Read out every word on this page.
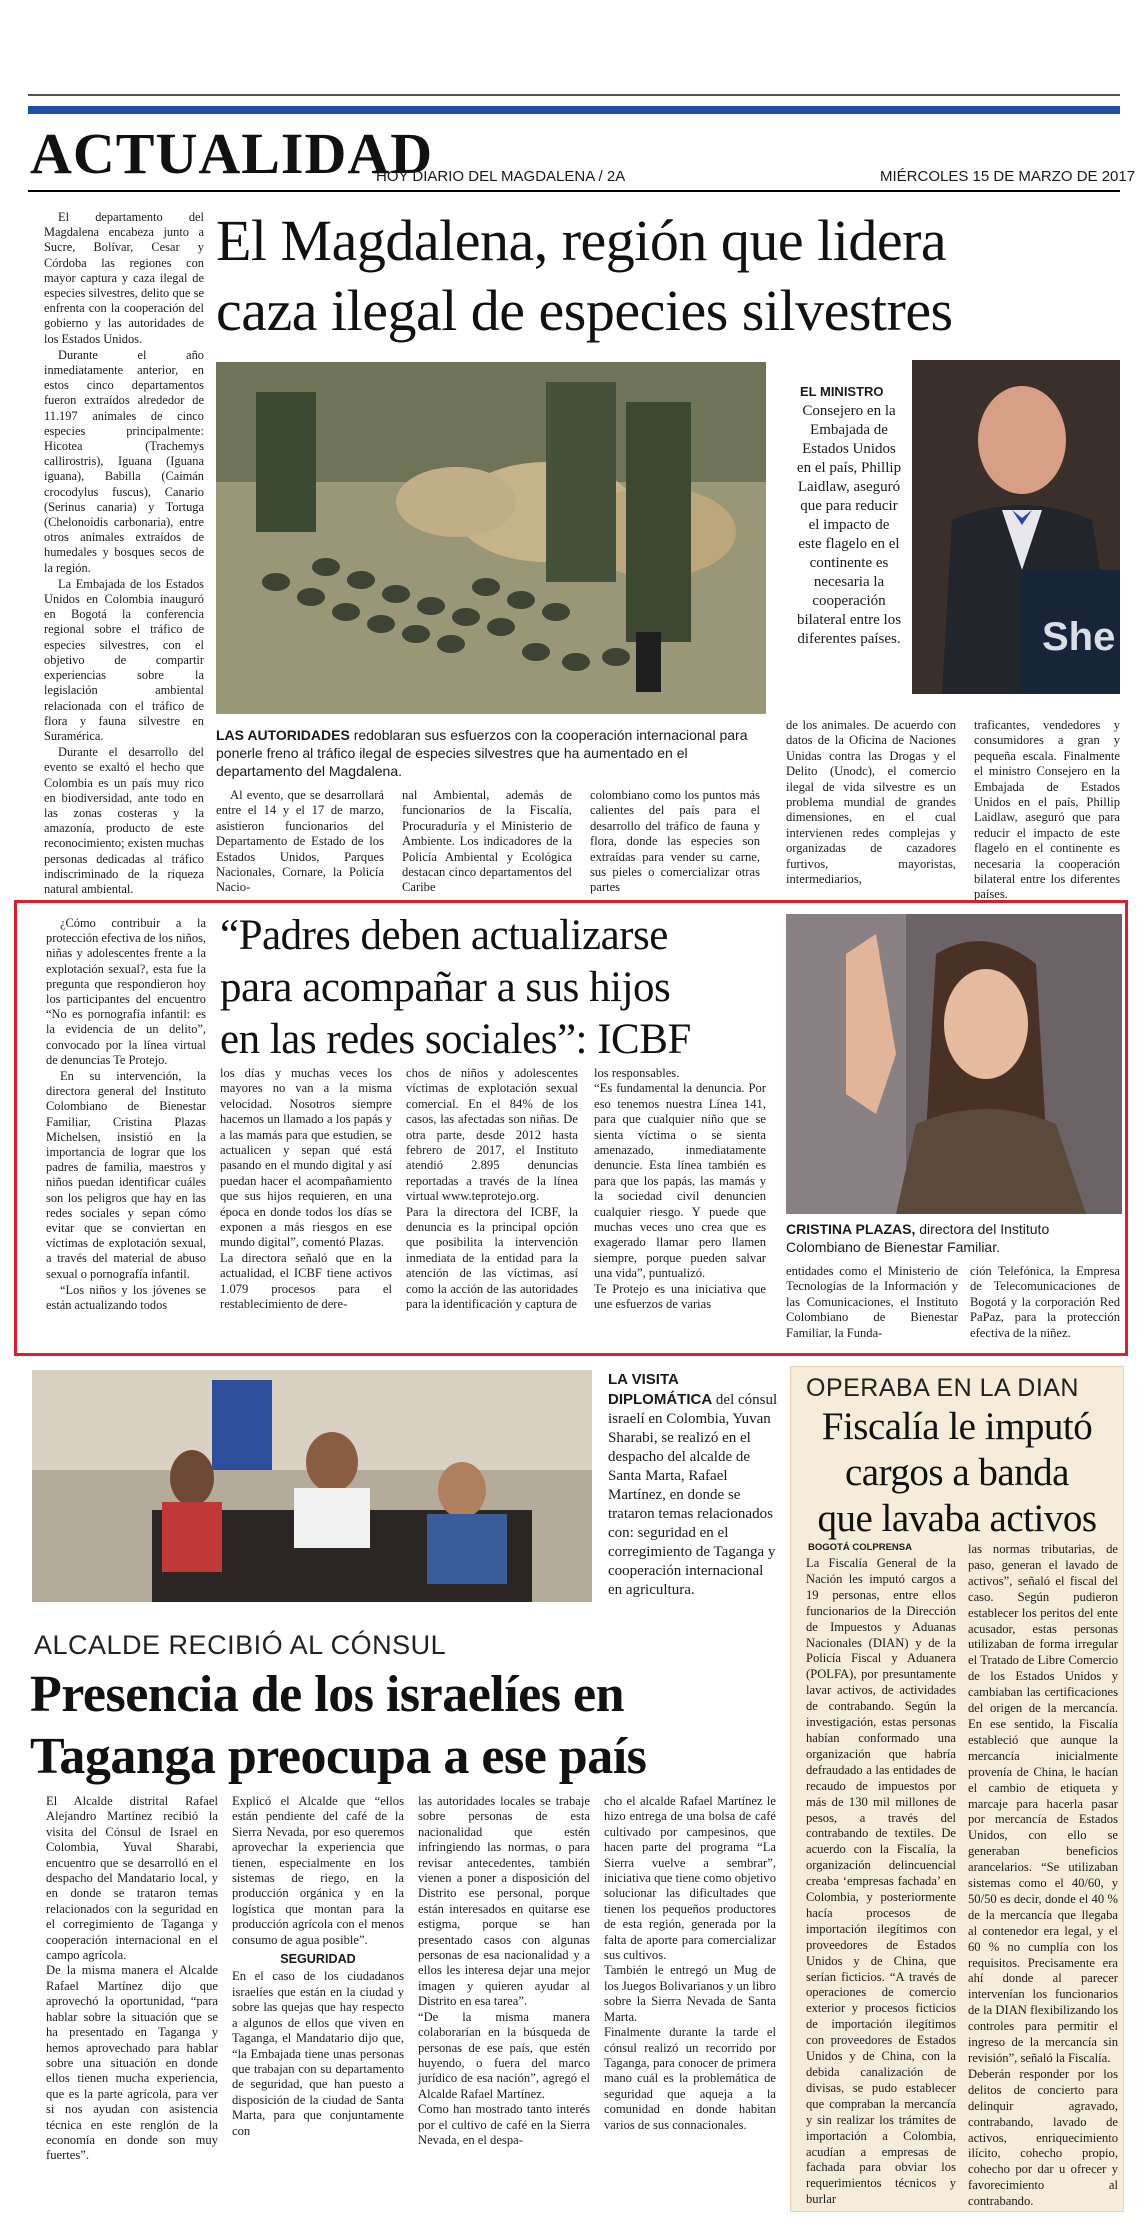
ACTUALIDAD
HOY DIARIO DEL MAGDALENA / 2A	MIÉRCOLES 15 DE MARZO DE 2017

El departamento del Magdalena encabeza junto a Sucre, Bolívar, Cesar y Córdoba las regiones con mayor captura y caza ilegal de especies silvestres, delito que se enfrenta con la cooperación del gobierno y las autoridades de los Estados Unidos.

Durante el año inmediatamente anterior, en estos cinco departamentos fueron extraídos alrededor de 11.197 animales de cinco especies principalmente: Hicotea (Trachemys callirostris), Iguana (Iguana iguana), Babilla (Caimán crocodylus fuscus), Canario (Serinus canaria) y Tortuga (Chelonoidis carbonaria), entre otros animales extraídos de humedales y bosques secos de la región.

La Embajada de los Estados Unidos en Colombia inauguró en Bogotá la conferencia regional sobre el tráfico de especies silvestres, con el objetivo de compartir experiencias sobre la legislación ambiental relacionada con el tráfico de flora y fauna silvestre en Suramérica.

Durante el desarrollo del evento se exaltó el hecho que Colombia es un país muy rico en biodiversidad, ante todo en las zonas costeras y la amazonía, producto de este reconocimiento; existen muchas personas dedicadas al tráfico indiscriminado de la riqueza natural ambiental.

El Magdalena, región que lidera
caza ilegal de especies silvestres
EL MINISTRO
Consejero en la Embajada de Estados Unidos en el país, Phillip Laidlaw, aseguró que para reducir el impacto de este flagelo en el continente es necesaria la cooperación bilateral entre los diferentes países.	She
LAS AUTORIDADES redoblaran sus esfuerzos con la cooperación internacional para ponerle freno al tráfico ilegal de especies silvestres que ha aumentado en el departamento del Magdalena.
Al evento, que se desarrollará entre el 14 y el 17 de marzo, asistieron funcionarios del Departamento de Estado de los Estados Unidos, Parques Nacionales, Cornare, la Policía Nacio-
nal Ambiental, además de funcionarios de la Fiscalía, Procuraduría y el Ministerio de Ambiente. Los indicadores de la Policía Ambiental y Ecológica destacan cinco departamentos del Caribe
colombiano como los puntos más calientes del país para el desarrollo del tráfico de fauna y flora, donde las especies son extraídas para vender su carne, sus pieles o comercializar otras partes
de los animales. De acuerdo con datos de la Oficina de Naciones Unidas contra las Drogas y el Delito (Unodc), el comercio ilegal de vida silvestre es un problema mundial de grandes dimensiones, en el cual intervienen redes complejas y organizadas de cazadores furtivos, mayoristas, intermediarios,
traficantes, vendedores y consumidores a gran y pequeña escala. Finalmente el ministro Consejero en la Embajada de Estados Unidos en el país, Phillip Laidlaw, aseguró que para reducir el impacto de este flagelo en el continente es necesaria la cooperación bilateral entre los diferentes países.

¿Cómo contribuir a la protección efectiva de los niños, niñas y adolescentes frente a la explotación sexual?, esta fue la pregunta que respondieron hoy los participantes del encuentro “No es pornografía infantil: es la evidencia de un delito”, convocado por la línea virtual de denuncias Te Protejo.

En su intervención, la directora general del Instituto Colombiano de Bienestar Familiar, Cristina Plazas Michelsen, insistió en la importancia de lograr que los padres de familia, maestros y niños puedan identificar cuáles son los peligros que hay en las redes sociales y sepan cómo evitar que se conviertan en víctimas de explotación sexual, a través del material de abuso sexual o pornografía infantil.

“Los niños y los jóvenes se están actualizando todos

“Padres deben actualizarse
para acompañar a sus hijos
en las redes sociales”: ICBF
los días y muchas veces los mayores no van a la misma velocidad. Nosotros siempre hacemos un llamado a los papás y a las mamás para que estudien, se actualicen y sepan qué está pasando en el mundo digital y así puedan hacer el acompañamiento que sus hijos requieren, en una época en donde todos los días se exponen a más riesgos en ese mundo digital”, comentó Plazas.
La directora señaló que en la actualidad, el ICBF tiene activos 1.079 procesos para el restablecimiento de dere-
chos de niños y adolescentes víctimas de explotación sexual comercial. En el 84% de los casos, las afectadas son niñas. De otra parte, desde 2012 hasta febrero de 2017, el Instituto atendió 2.895 denuncias reportadas a través de la línea virtual www.teprotejo.org.
Para la directora del ICBF, la denuncia es la principal opción que posibilita la intervención inmediata de la entidad para la atención de las víctimas, así como la acción de las autoridades para la identificación y captura de
los responsables.
“Es fundamental la denuncia. Por eso tenemos nuestra Línea 141, para que cualquier niño que se sienta víctima o se sienta amenazado, inmediatamente denuncie. Esta línea también es para que los papás, las mamás y la sociedad civil denuncien cualquier riesgo. Y puede que muchas veces uno crea que es exagerado llamar pero llamen siempre, porque pueden salvar una vida”, puntualizó.
Te Protejo es una iniciativa que une esfuerzos de varias
CRISTINA PLAZAS, directora del Instituto Colombiano de Bienestar Familiar.
entidades como el Ministerio de Tecnologías de la Información y las Comunicaciones, el Instituto Colombiano de Bienestar Familiar, la Funda-
ción Telefónica, la Empresa de Telecomunicaciones de Bogotá y la corporación Red PaPaz, para la protección efectiva de la niñez.
LA VISITA DIPLOMÁTICA del cónsul israelí en Colombia, Yuvan Sharabi, se realizó en el despacho del alcalde de Santa Marta, Rafael Martínez, en donde se trataron temas relacionados con: seguridad en el corregimiento de Taganga y cooperación internacional en agricultura.
ALCALDE RECIBIÓ AL CÓNSUL
Presencia de los israelíes en
Taganga preocupa a ese país
El Alcalde distrital Rafael Alejandro Martínez recibió la visita del Cónsul de Israel en Colombia, Yuval Sharabi, encuentro que se desarrolló en el despacho del Mandatario local, y en donde se trataron temas relacionados con la seguridad en el corregimiento de Taganga y cooperación internacional en el campo agrícola.
De la misma manera el Alcalde Rafael Martínez dijo que aprovechó la oportunidad, “para hablar sobre la situación que se ha presentado en Taganga y hemos aprovechado para hablar sobre una situación en donde ellos tienen mucha experiencia, que es la parte agrícola, para ver si nos ayudan con asistencia técnica en este renglón de la economía en donde son muy fuertes”.
Explicó el Alcalde que “ellos están pendiente del café de la Sierra Nevada, por eso queremos aprovechar la experiencia que tienen, especialmente en los sistemas de riego, en la producción orgánica y en la logística que montan para la producción agrícola con el menos consumo de agua posible”.
SEGURIDAD
En el caso de los ciudadanos israelíes que están en la ciudad y sobre las quejas que hay respecto a algunos de ellos que viven en Taganga, el Mandatario dijo que, “la Embajada tiene unas personas que trabajan con su departamento de seguridad, que han puesto a disposición de la ciudad de Santa Marta, para que conjuntamente con
las autoridades locales se trabaje sobre personas de esta nacionalidad que estén infringiendo las normas, o para revisar antecedentes, también vienen a poner a disposición del Distrito ese personal, porque están interesados en quitarse ese estigma, porque se han presentado casos con algunas personas de esa nacionalidad y a ellos les interesa dejar una mejor imagen y quieren ayudar al Distrito en esa tarea”.
“De la misma manera colaborarían en la búsqueda de personas de ese país, que estén huyendo, o fuera del marco jurídico de esa nación”, agregó el Alcalde Rafael Martínez.
Como han mostrado tanto interés por el cultivo de café en la Sierra Nevada, en el despa-
cho el alcalde Rafael Martínez le hizo entrega de una bolsa de café cultivado por campesinos, que hacen parte del programa “La Sierra vuelve a sembrar”, iniciativa que tiene como objetivo solucionar las dificultades que tienen los pequeños productores de esta región, generada por la falta de aporte para comercializar sus cultivos.
También le entregó un Mug de los Juegos Bolivarianos y un libro sobre la Sierra Nevada de Santa Marta.
Finalmente durante la tarde el cónsul realizó un recorrido por Taganga, para conocer de primera mano cuál es la problemática de seguridad que aqueja a la comunidad en donde habitan varios de sus connacionales.
OPERABA EN LA DIAN
Fiscalía le imputó
cargos a banda
que lavaba activos
BOGOTÁ COLPRENSA
La Fiscalía General de la Nación les imputó cargos a 19 personas, entre ellos funcionarios de la Dirección de Impuestos y Aduanas Nacionales (DIAN) y de la Policía Fiscal y Aduanera (POLFA), por presuntamente lavar activos, de actividades de contrabando. Según la investigación, estas personas habían conformado una organización que habría defraudado a las entidades de recaudo de impuestos por más de 130 mil millones de pesos, a través del contrabando de textiles. De acuerdo con la Fiscalía, la organización delincuencial creaba ‘empresas fachada’ en Colombia, y posteriormente hacía procesos de importación ilegítimos con proveedores de Estados Unidos y de China, que serían ficticios. “A través de operaciones de comercio exterior y procesos ficticios de importación ilegítimos con proveedores de Estados Unidos y de China, con la debida canalización de divisas, se pudo establecer que compraban la mercancía y sin realizar los trámites de importación a Colombia, acudían a empresas de fachada para obviar los requerimientos técnicos y burlar
las normas tributarias, de paso, generan el lavado de activos”, señaló el fiscal del caso. Según pudieron establecer los peritos del ente acusador, estas personas utilizaban de forma irregular el Tratado de Libre Comercio de los Estados Unidos y cambiaban las certificaciones del origen de la mercancía. En ese sentido, la Fiscalía estableció que aunque la mercancía inicialmente provenía de China, le hacían el cambio de etiqueta y marcaje para hacerla pasar por mercancía de Estados Unidos, con ello se generaban beneficios arancelarios. “Se utilizaban sistemas como el 40/60, y 50/50 es decir, donde el 40 % de la mercancía que llegaba al contenedor era legal, y el 60 % no cumplía con los requisitos. Precisamente era ahí donde al parecer intervenían los funcionarios de la DIAN flexibilizando los controles para permitir el ingreso de la mercancía sin revisión”, señaló la Fiscalía.
Deberán responder por los delitos de concierto para delinquir agravado, contrabando, lavado de activos, enriquecimiento ilícito, cohecho propio, cohecho por dar u ofrecer y favorecimiento al contrabando.
